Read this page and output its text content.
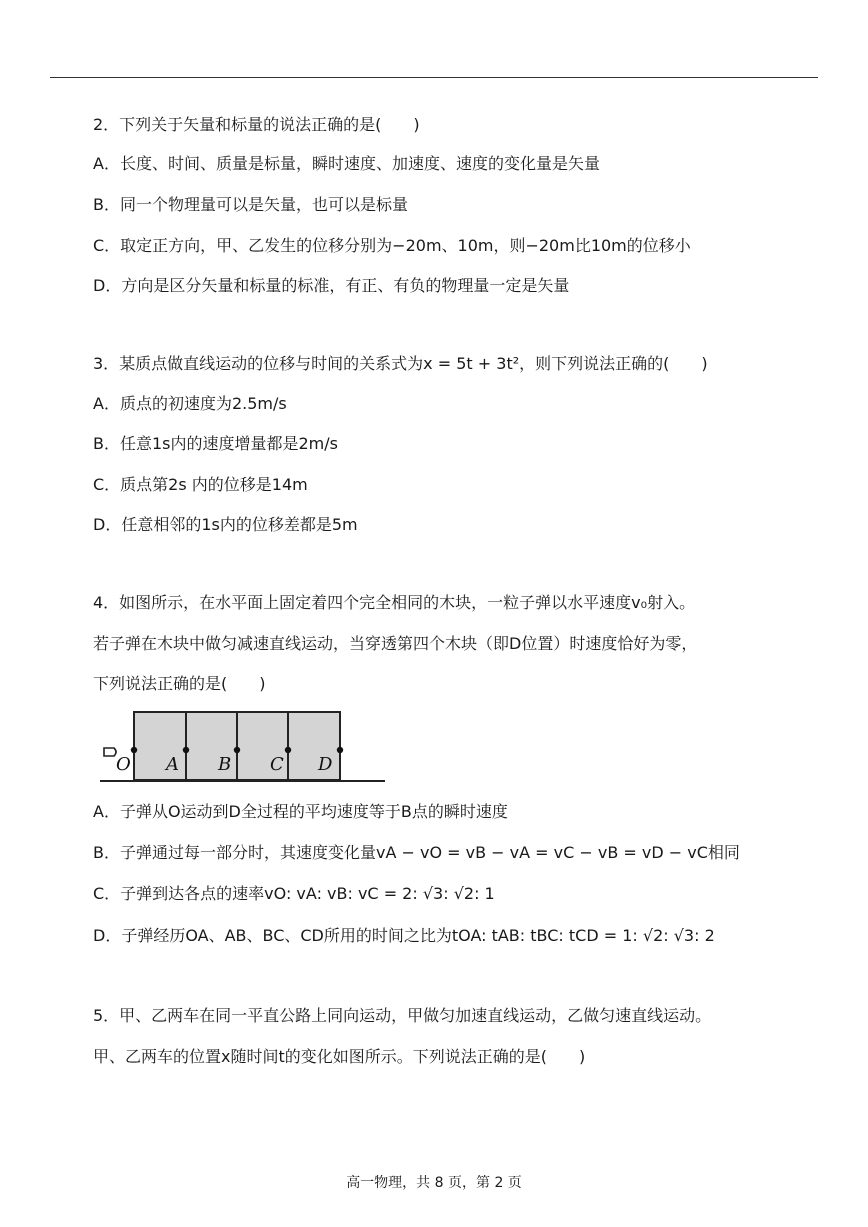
2．下列关于矢量和标量的说法正确的是(　　)
A．长度、时间、质量是标量，瞬时速度、加速度、速度的变化量是矢量
B．同一个物理量可以是矢量，也可以是标量
C．取定正方向，甲、乙发生的位移分别为−20m、10m，则−20m比10m的位移小
D．方向是区分矢量和标量的标准，有正、有负的物理量一定是矢量
3．某质点做直线运动的位移与时间的关系式为x = 5t + 3t²，则下列说法正确的(　　)
A．质点的初速度为2.5m/s
B．任意1s内的速度增量都是2m/s
C．质点第2s 内的位移是14m
D．任意相邻的1s内的位移差都是5m
4．如图所示，在水平面上固定着四个完全相同的木块，一粒子弹以水平速度v₀射入。
若子弹在木块中做匀减速直线运动，当穿透第四个木块（即D位置）时速度恰好为零，
下列说法正确的是(　　)
O A B C D
A．子弹从O运动到D全过程的平均速度等于B点的瞬时速度
B．子弹通过每一部分时，其速度变化量vA − vO = vB − vA = vC − vB = vD − vC相同
C．子弹到达各点的速率vO: vA: vB: vC = 2: √3: √2: 1
D．子弹经历OA、AB、BC、CD所用的时间之比为tOA: tAB: tBC: tCD = 1: √2: √3: 2
5．甲、乙两车在同一平直公路上同向运动，甲做匀加速直线运动，乙做匀速直线运动。
甲、乙两车的位置x随时间t的变化如图所示。下列说法正确的是(　　)
高一物理，共 8 页，第 2 页
